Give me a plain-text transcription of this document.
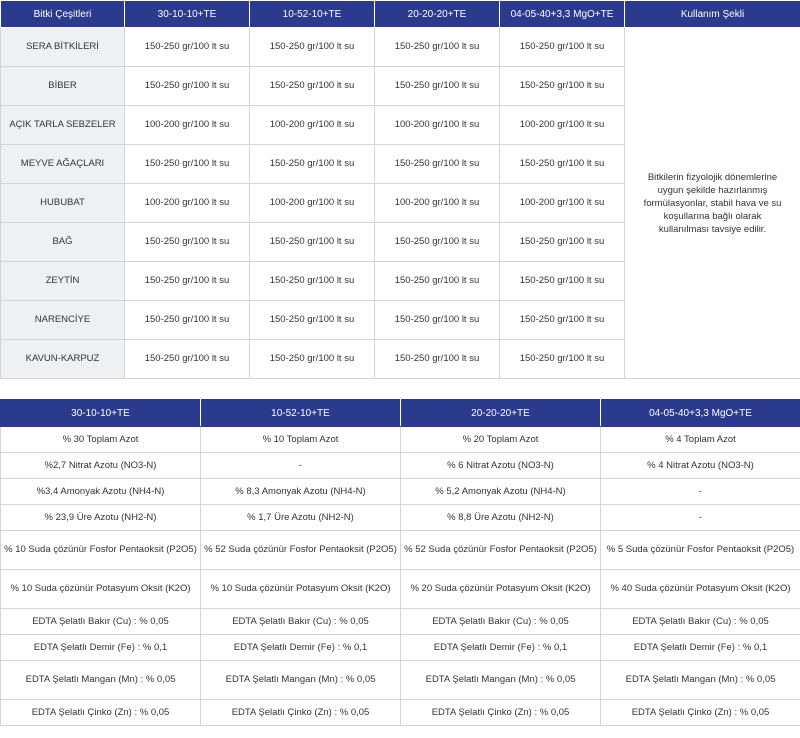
Bitki Çeşitleri	30-10-10+TE	10-52-10+TE	20-20-20+TE	04-05-40+3,3 MgO+TE	Kullanım Şekli
SERA BİTKİLERİ	150-250 gr/100 lt su	150-250 gr/100 lt su	150-250 gr/100 lt su	150-250 gr/100 lt su	Bitkilerin fizyolojik dönemlerine uygun şekilde hazırlanmış formülasyonlar, stabil hava ve su koşullarına bağlı olarak kullanılması tavsiye edilir.
BİBER	150-250 gr/100 lt su	150-250 gr/100 lt su	150-250 gr/100 lt su	150-250 gr/100 lt su	
AÇIK TARLA SEBZELER	100-200 gr/100 lt su	100-200 gr/100 lt su	100-200 gr/100 lt su	100-200 gr/100 lt su	
MEYVE AĞAÇLARI	150-250 gr/100 lt su	150-250 gr/100 lt su	150-250 gr/100 lt su	150-250 gr/100 lt su	
HUBUBAT	100-200 gr/100 lt su	100-200 gr/100 lt su	100-200 gr/100 lt su	100-200 gr/100 lt su	
BAĞ	150-250 gr/100 lt su	150-250 gr/100 lt su	150-250 gr/100 lt su	150-250 gr/100 lt su	
ZEYTİN	150-250 gr/100 lt su	150-250 gr/100 lt su	150-250 gr/100 lt su	150-250 gr/100 lt su	
NARENCİYE	150-250 gr/100 lt su	150-250 gr/100 lt su	150-250 gr/100 lt su	150-250 gr/100 lt su	
KAVUN-KARPUZ	150-250 gr/100 lt su	150-250 gr/100 lt su	150-250 gr/100 lt su	150-250 gr/100 lt su	
30-10-10+TE	10-52-10+TE	20-20-20+TE	04-05-40+3,3 MgO+TE
% 30 Toplam Azot	% 10 Toplam Azot	% 20 Toplam Azot	% 4 Toplam Azot
%2,7 Nitrat Azotu (NO3-N)	-	% 6 Nitrat Azotu (NO3-N)	% 4 Nitrat Azotu (NO3-N)
%3,4 Amonyak Azotu (NH4-N)	% 8,3 Amonyak Azotu (NH4-N)	% 5,2 Amonyak Azotu (NH4-N)	-
% 23,9 Üre Azotu (NH2-N)	% 1,7 Üre Azotu (NH2-N)	% 8,8 Üre Azotu (NH2-N)	-
% 10 Suda çözünür Fosfor Pentaoksit (P2O5)	% 52 Suda çözünür Fosfor Pentaoksit (P2O5)	% 52 Suda çözünür Fosfor Pentaoksit (P2O5)	% 5 Suda çözünür Fosfor Pentaoksit (P2O5)
% 10 Suda çözünür Potasyum Oksit (K2O)	% 10 Suda çözünür Potasyum Oksit (K2O)	% 20 Suda çözünür Potasyum Oksit (K2O)	% 40 Suda çözünür Potasyum Oksit (K2O)
EDTA Şelatlı Bakır (Cu) : % 0,05	EDTA Şelatlı Bakır (Cu) : % 0,05	EDTA Şelatlı Bakır (Cu) : % 0,05	EDTA Şelatlı Bakır (Cu) : % 0,05
EDTA Şelatlı Demir (Fe) : % 0,1	EDTA Şelatlı Demir (Fe) : % 0,1	EDTA Şelatlı Demir (Fe) : % 0,1	EDTA Şelatlı Demir (Fe) : % 0,1
EDTA Şelatlı Mangan (Mn) : % 0,05	EDTA Şelatlı Mangan (Mn) : % 0,05	EDTA Şelatlı Mangan (Mn) : % 0,05	EDTA Şelatlı Mangan (Mn) : % 0,05
EDTA Şelatlı Çinko (Zn) : % 0,05	EDTA Şelatlı Çinko (Zn) : % 0,05	EDTA Şelatlı Çinko (Zn) : % 0,05	EDTA Şelatlı Çinko (Zn) : % 0,05
